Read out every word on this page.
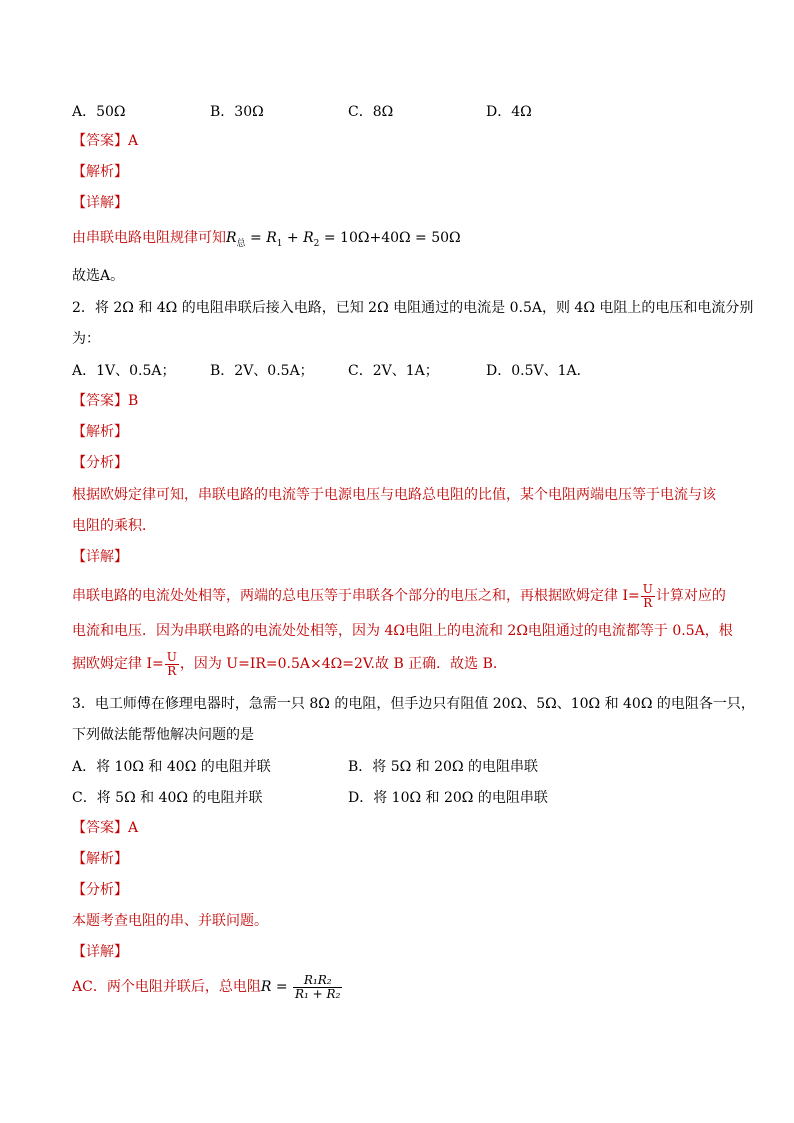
A．50Ω	B．30Ω	C．8Ω	D．4Ω
【答案】A
【解析】
【详解】
由串联电路电阻规律可知$R_总 = R_1 + R_2 = 10\Omega+40\Omega = 50\Omega$
故选A。
2．将 2Ω 和 4Ω 的电阻串联后接入电路，已知 2Ω 电阻通过的电流是 0.5A，则 4Ω 电阻上的电压和电流分别
为：
A．1V、0.5A； B．2V、0.5A； C．2V、1A；	D．0.5V、1A．
【答案】B
【解析】
【分析】
根据欧姆定律可知，串联电路的电流等于电源电压与电路总电阻的比值，某个电阻两端电压等于电流与该
电阻的乘积．
【详解】
串联电路的电流处处相等，两端的总电压等于串联各个部分的电压之和，再根据欧姆定律 $I= \frac{U}{R}$ 计算对应的
电流和电压．因为串联电路的电流处处相等，因为 4Ω电阻上的电流和 2Ω电阻通过的电流都等于 0.5A，根
据欧姆定律 $I= \frac{U}{R}$ ，因为 U=IR=0.5A×4Ω=2V.故 B 正确．故选 B．
3．电工师傅在修理电器时，急需一只 8Ω 的电阻，但手边只有阻值 20Ω、5Ω、10Ω 和 40Ω 的电阻各一只，
下列做法能帮他解决问题的是
A．将 10Ω 和 40Ω 的电阻并联	B．将 5Ω 和 20Ω 的电阻串联
C．将 5Ω 和 40Ω 的电阻并联	D．将 10Ω 和 20Ω 的电阻串联
【答案】A
【解析】
【分析】
本题考查电阻的串、并联问题。
【详解】
AC．两个电阻并联后，总电阻$R = \frac{\text{R₁R₂}}{\text{R₁ + R₂}}$
